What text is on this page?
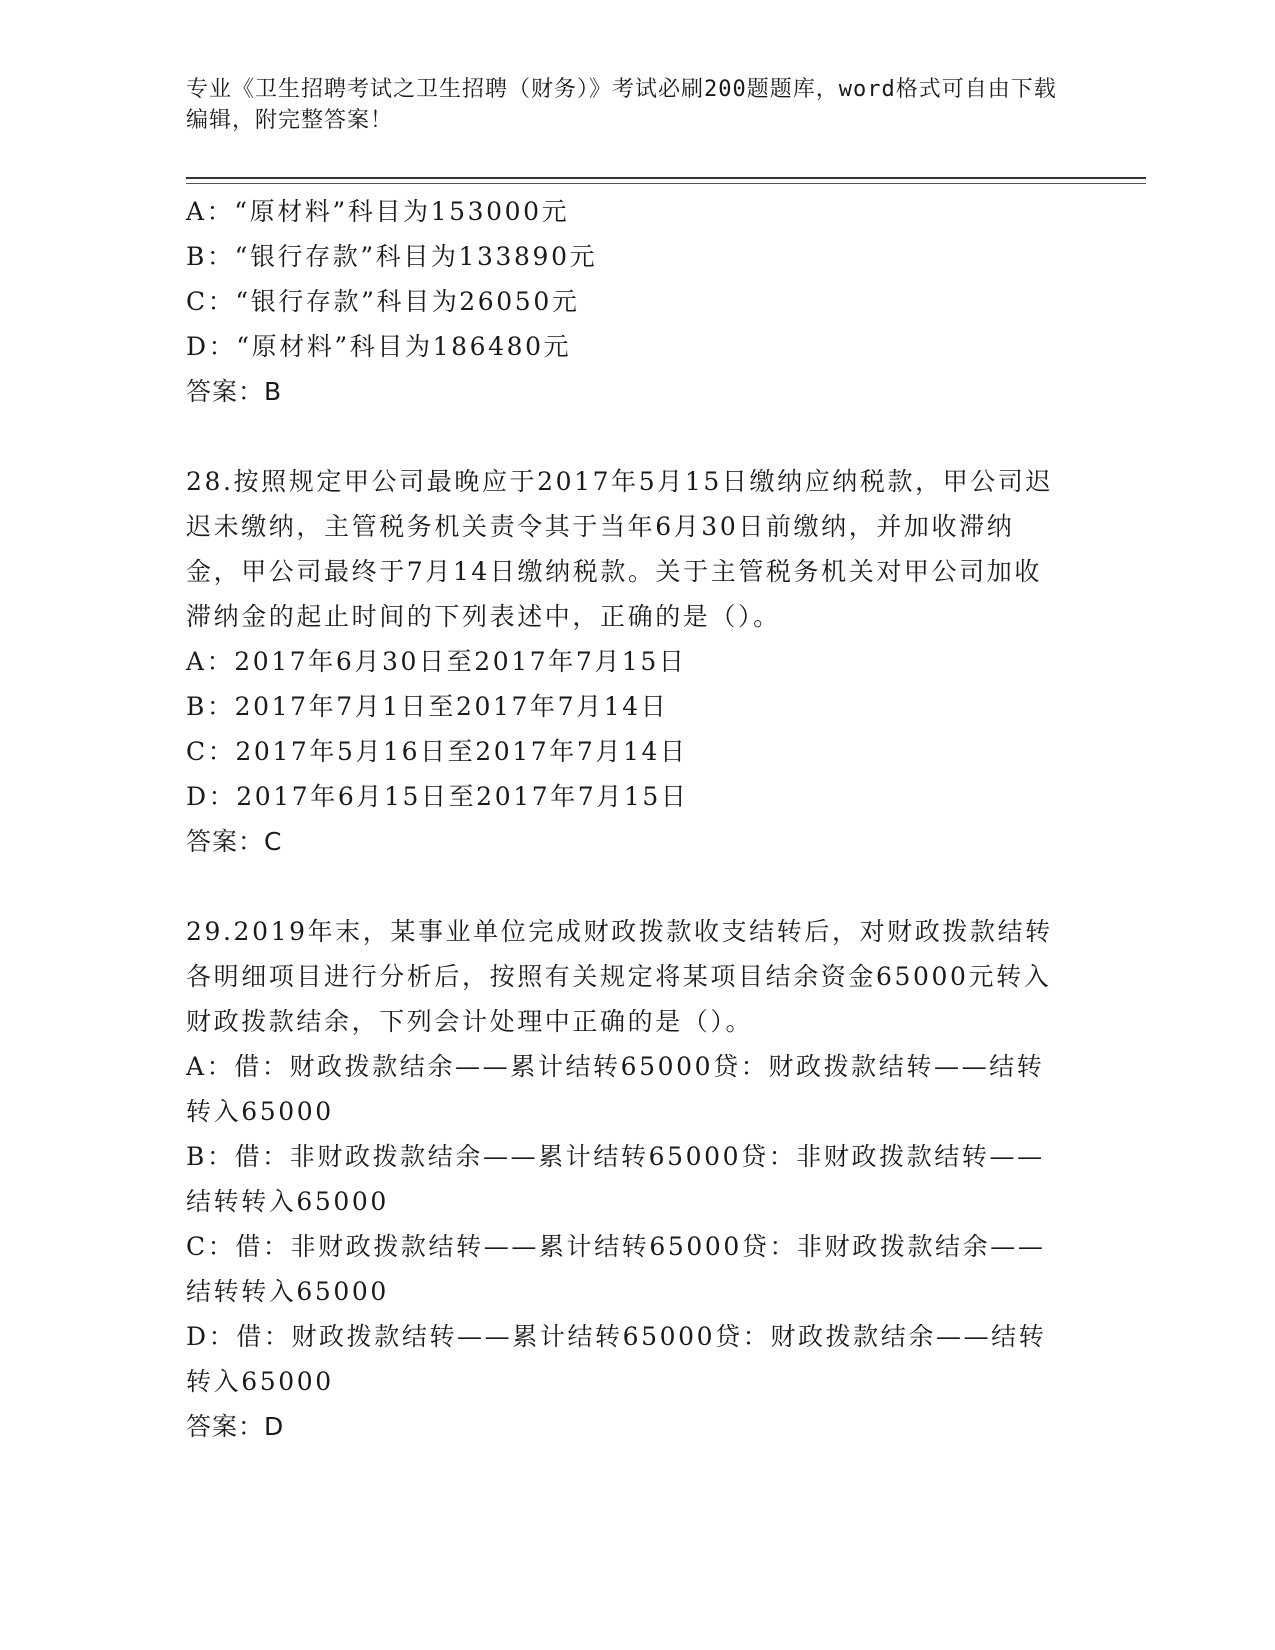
专业《卫生招聘考试之卫生招聘（财务）》考试必刷200题题库，word格式可自由下载编辑，附完整答案！

A：“原材料”科目为153000元

B：“银行存款”科目为133890元

C：“银行存款”科目为26050元

D：“原材料”科目为186480元

答案：B

28.按照规定甲公司最晚应于2017年5月15日缴纳应纳税款，甲公司迟迟未缴纳，主管税务机关责令其于当年6月30日前缴纳，并加收滞纳金，甲公司最终于7月14日缴纳税款。关于主管税务机关对甲公司加收滞纳金的起止时间的下列表述中，正确的是（）。

A：2017年6月30日至2017年7月15日

B：2017年7月1日至2017年7月14日

C：2017年5月16日至2017年7月14日

D：2017年6月15日至2017年7月15日

答案：C

29.2019年末，某事业单位完成财政拨款收支结转后，对财政拨款结转各明细项目进行分析后，按照有关规定将某项目结余资金65000元转入财政拨款结余，下列会计处理中正确的是（）。

A：借：财政拨款结余——累计结转65000贷：财政拨款结转——结转转入65000

B：借：非财政拨款结余——累计结转65000贷：非财政拨款结转——结转转入65000

C：借：非财政拨款结转——累计结转65000贷：非财政拨款结余——结转转入65000

D：借：财政拨款结转——累计结转65000贷：财政拨款结余——结转转入65000

答案：D
